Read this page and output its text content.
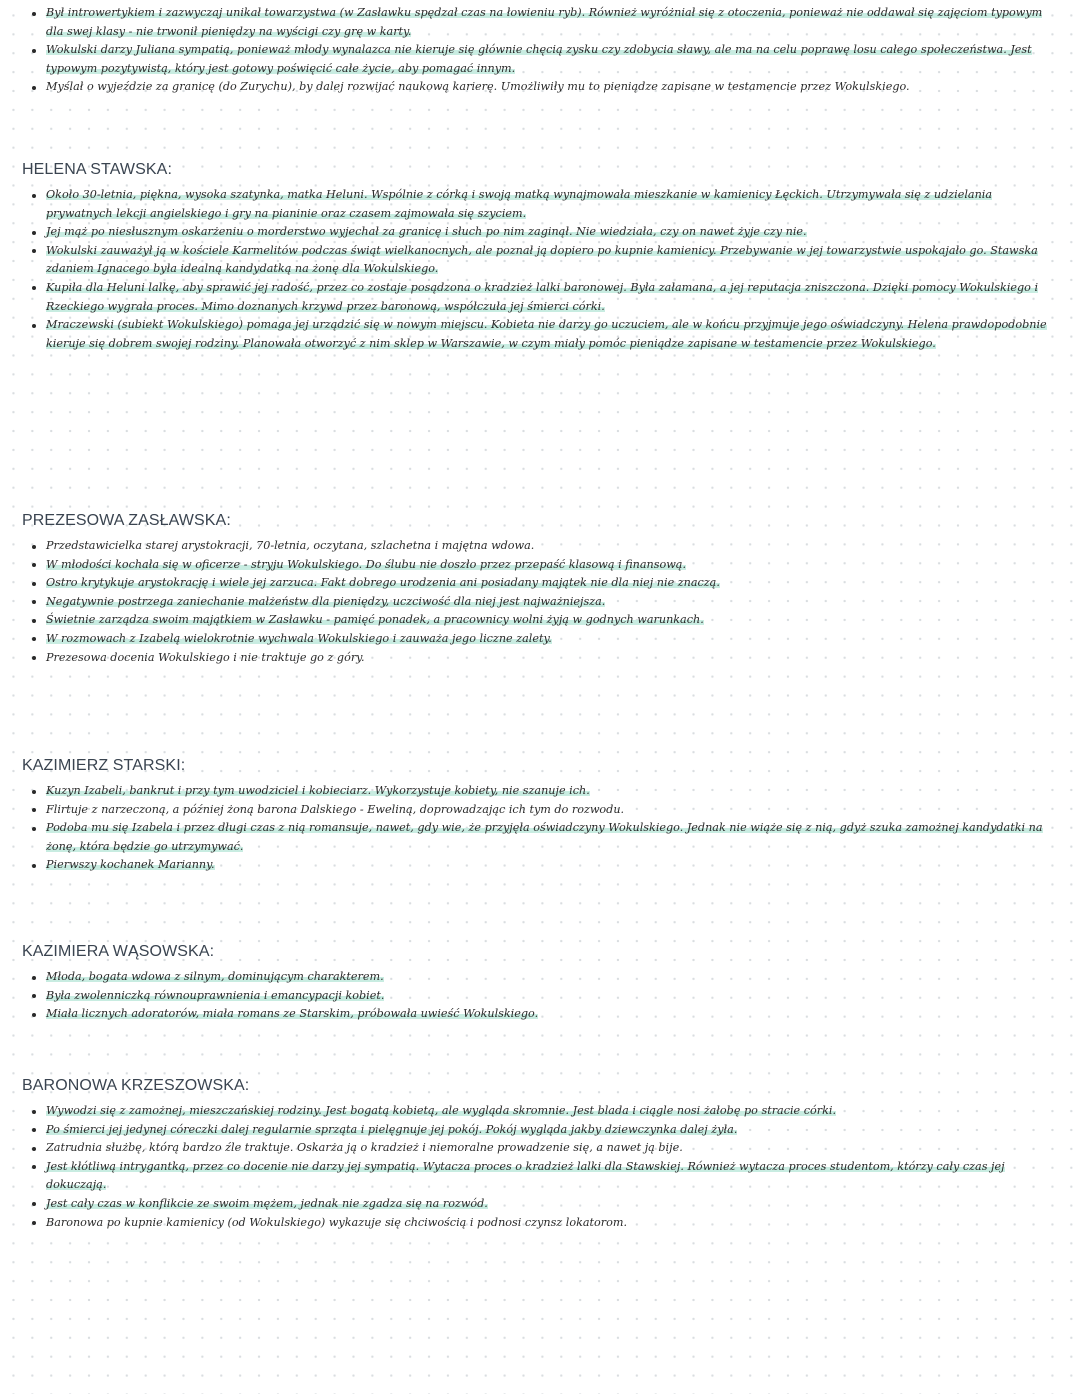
Był introwertykiem i zazwyczaj unikał towarzystwa (w Zasławku spędzał czas na łowieniu ryb). Również wyróżniał się z otoczenia, ponieważ nie oddawał się zajęciom typowym dla swej klasy - nie trwonił pieniędzy na wyścigi czy grę w karty.
Wokulski darzy Juliana sympatią, ponieważ młody wynalazca nie kieruje się głównie chęcią zysku czy zdobycia sławy, ale ma na celu poprawę losu całego społeczeństwa. Jest typowym pozytywistą, który jest gotowy poświęcić całe życie, aby pomagać innym.
Myślał o wyjeździe za granicę (do Zurychu), by dalej rozwijać naukową karierę. Umożliwiły mu to pieniądze zapisane w testamencie przez Wokulskiego.
HELENA STAWSKA:
Około 30-letnia, piękna, wysoka szatynka, matka Heluni. Wspólnie z córką i swoją matką wynajmowała mieszkanie w kamienicy Łęckich. Utrzymywała się z udzielania prywatnych lekcji angielskiego i gry na pianinie oraz czasem zajmowała się szyciem.
Jej mąż po niesłusznym oskarżeniu o morderstwo wyjechał za granicę i słuch po nim zaginął. Nie wiedziała, czy on nawet żyje czy nie.
Wokulski zauważył ją w kościele Karmelitów podczas świąt wielkanocnych, ale poznał ją dopiero po kupnie kamienicy. Przebywanie w jej towarzystwie uspokajało go. Stawska zdaniem Ignacego była idealną kandydatką na żonę dla Wokulskiego.
Kupiła dla Heluni lalkę, aby sprawić jej radość, przez co zostaje posądzona o kradzież lalki baronowej. Była załamana, a jej reputacja zniszczona. Dzięki pomocy Wokulskiego i Rzeckiego wygrała proces. Mimo doznanych krzywd przez baronową, współczuła jej śmierci córki.
Mraczewski (subiekt Wokulskiego) pomaga jej urządzić się w nowym miejscu. Kobieta nie darzy go uczuciem, ale w końcu przyjmuje jego oświadczyny. Helena prawdopodobnie kieruje się dobrem swojej rodziny. Planowała otworzyć z nim sklep w Warszawie, w czym miały pomóc pieniądze zapisane w testamencie przez Wokulskiego.
PREZESOWA ZASŁAWSKA:
Przedstawicielka starej arystokracji, 70-letnia, oczytana, szlachetna i majętna wdowa.
W młodości kochała się w oficerze - stryju Wokulskiego. Do ślubu nie doszło przez przepaść klasową i finansową.
Ostro krytykuje arystokrację i wiele jej zarzuca. Fakt dobrego urodzenia ani posiadany majątek nie dla niej nie znaczą.
Negatywnie postrzega zaniechanie małżeństw dla pieniędzy, uczciwość dla niej jest najważniejsza.
Świetnie zarządza swoim majątkiem w Zasławku - pamięć ponadek, a pracownicy wolni żyją w godnych warunkach.
W rozmowach z Izabelą wielokrotnie wychwala Wokulskiego i zauważa jego liczne zalety.
Prezesowa docenia Wokulskiego i nie traktuje go z góry.
KAZIMIERZ STARSKI:
Kuzyn Izabeli, bankrut i przy tym uwodziciel i kobieciarz. Wykorzystuje kobiety, nie szanuje ich.
Flirtuje z narzeczoną, a później żoną barona Dalskiego - Eweliną, doprowadzając ich tym do rozwodu.
Podoba mu się Izabela i przez długi czas z nią romansuje, nawet, gdy wie, że przyjęła oświadczyny Wokulskiego. Jednak nie wiąże się z nią, gdyż szuka zamożnej kandydatki na żonę, która będzie go utrzymywać.
Pierwszy kochanek Marianny.
KAZIMIERA WĄSOWSKA:
Młoda, bogata wdowa z silnym, dominującym charakterem.
Była zwolenniczką równouprawnienia i emancypacji kobiet.
Miała licznych adoratorów, miała romans ze Starskim, próbowała uwieść Wokulskiego.
BARONOWA KRZESZOWSKA:
Wywodzi się z zamożnej, mieszczańskiej rodziny. Jest bogatą kobietą, ale wygląda skromnie. Jest blada i ciągle nosi żałobę po stracie córki.
Po śmierci jej jedynej córeczki dalej regularnie sprząta i pielęgnuje jej pokój. Pokój wygląda jakby dziewczynka dalej żyła.
Zatrudnia służbę, którą bardzo źle traktuje. Oskarża ją o kradzież i niemoralne prowadzenie się, a nawet ją bije.
Jest kłótliwą intrygantką, przez co docenie nie darzy jej sympatią. Wytacza proces o kradzież lalki dla Stawskiej. Również wytacza proces studentom, którzy cały czas jej dokuczają.
Jest cały czas w konflikcie ze swoim mężem, jednak nie zgadza się na rozwód.
Baronowa po kupnie kamienicy (od Wokulskiego) wykazuje się chciwością i podnosi czynsz lokatorom.
